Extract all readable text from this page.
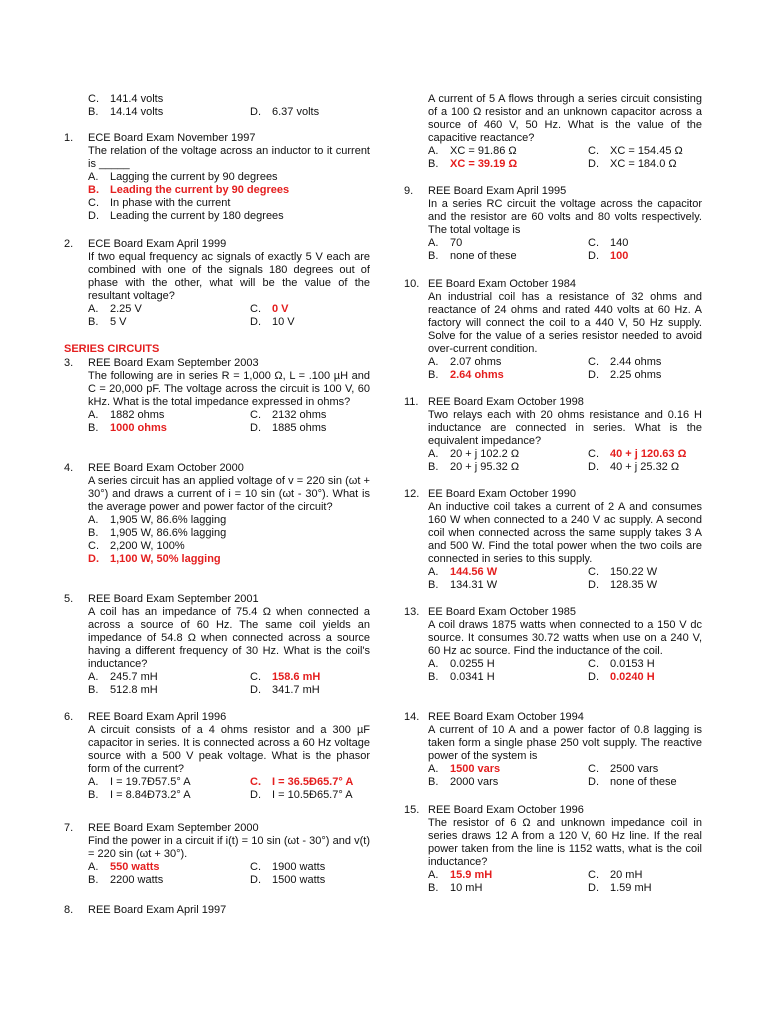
C. 141.4 volts
B. 14.14 volts	D. 6.37 volts
1.	ECE Board Exam November 1997
The relation of the voltage across an inductor to it current is _____
A. Lagging the current by 90 degrees
B. Leading the current by 90 degrees
C. In phase with the current
D. Leading the current by 180 degrees
2.	ECE Board Exam April 1999
If two equal frequency ac signals of exactly 5 V each are combined with one of the signals 180 degrees out of phase with the other, what will be the value of the resultant voltage?
A. 2.25 V	C. 0 V
B. 5 V	D. 10 V
SERIES CIRCUITS
3.	REE Board Exam September 2003
The following are in series R = 1,000 Ω, L = .100 µH and C = 20,000 pF. The voltage across the circuit is 100 V, 60 kHz. What is the total impedance expressed in ohms?
A. 1882 ohms	C. 2132 ohms
B. 1000 ohms	D. 1885 ohms
4.	REE Board Exam October 2000
A series circuit has an applied voltage of v = 220 sin (ωt + 30°) and draws a current of i = 10 sin (ωt - 30°). What is the average power and power factor of the circuit?
A. 1,905 W, 86.6% lagging
B. 1,905 W, 86.6% lagging
C. 2,200 W, 100%
D. 1,100 W, 50% lagging
5.	REE Board Exam September 2001
A coil has an impedance of 75.4 Ω when connected a across a source of 60 Hz. The same coil yields an impedance of 54.8 Ω when connected across a source having a different frequency of 30 Hz. What is the coil's inductance?
A. 245.7 mH	C. 158.6 mH
B. 512.8 mH	D. 341.7 mH
6.	REE Board Exam April 1996
A circuit consists of a 4 ohms resistor and a 300 µF capacitor in series. It is connected across a 60 Hz voltage source with a 500 V peak voltage. What is the phasor form of the current?
A. I = 19.7Ð57.5° A	C. I = 36.5Ð65.7° A
B. I = 8.84Ð73.2° A	D. I = 10.5Ð65.7° A
7.	REE Board Exam September 2000
Find the power in a circuit if i(t) = 10 sin (ωt - 30°) and v(t) = 220 sin (ωt + 30°).
A. 550 watts	C. 1900 watts
B. 2200 watts	D. 1500 watts
8.	REE Board Exam April 1997
A current of 5 A flows through a series circuit consisting of a 100 Ω resistor and an unknown capacitor across a source of 460 V, 50 Hz. What is the value of the capacitive reactance?
A. XC = 91.86 Ω	C. XC = 154.45 Ω
B. XC = 39.19 Ω	D. XC = 184.0 Ω
9.	REE Board Exam April 1995
In a series RC circuit the voltage across the capacitor and the resistor are 60 volts and 80 volts respectively. The total voltage is
A. 70	C. 140
B. none of these	D. 100
10. EE Board Exam October 1984
An industrial coil has a resistance of 32 ohms and reactance of 24 ohms and rated 440 volts at 60 Hz. A factory will connect the coil to a 440 V, 50 Hz supply. Solve for the value of a series resistor needed to avoid over-current condition.
A. 2.07 ohms	C. 2.44 ohms
B. 2.64 ohms	D. 2.25 ohms
11. REE Board Exam October 1998
Two relays each with 20 ohms resistance and 0.16 H inductance are connected in series. What is the equivalent impedance?
A. 20 + j 102.2 Ω	C. 40 + j 120.63 Ω
B. 20 + j 95.32 Ω	D. 40 + j 25.32 Ω
12. EE Board Exam October 1990
An inductive coil takes a current of 2 A and consumes 160 W when connected to a 240 V ac supply. A second coil when connected across the same supply takes 3 A and 500 W. Find the total power when the two coils are connected in series to this supply.
A. 144.56 W	C. 150.22 W
B. 134.31 W	D. 128.35 W
13. EE Board Exam October 1985
A coil draws 1875 watts when connected to a 150 V dc source. It consumes 30.72 watts when use on a 240 V, 60 Hz ac source. Find the inductance of the coil.
A. 0.0255 H	C. 0.0153 H
B. 0.0341 H	D. 0.0240 H
14. REE Board Exam October 1994
A current of 10 A and a power factor of 0.8 lagging is taken form a single phase 250 volt supply. The reactive power of the system is
A. 1500 vars	C. 2500 vars
B. 2000 vars	D. none of these
15. REE Board Exam October 1996
The resistor of 6 Ω and unknown impedance coil in series draws 12 A from a 120 V, 60 Hz line. If the real power taken from the line is 1152 watts, what is the coil inductance?
A. 15.9 mH	C. 20 mH
B. 10 mH	D. 1.59 mH
